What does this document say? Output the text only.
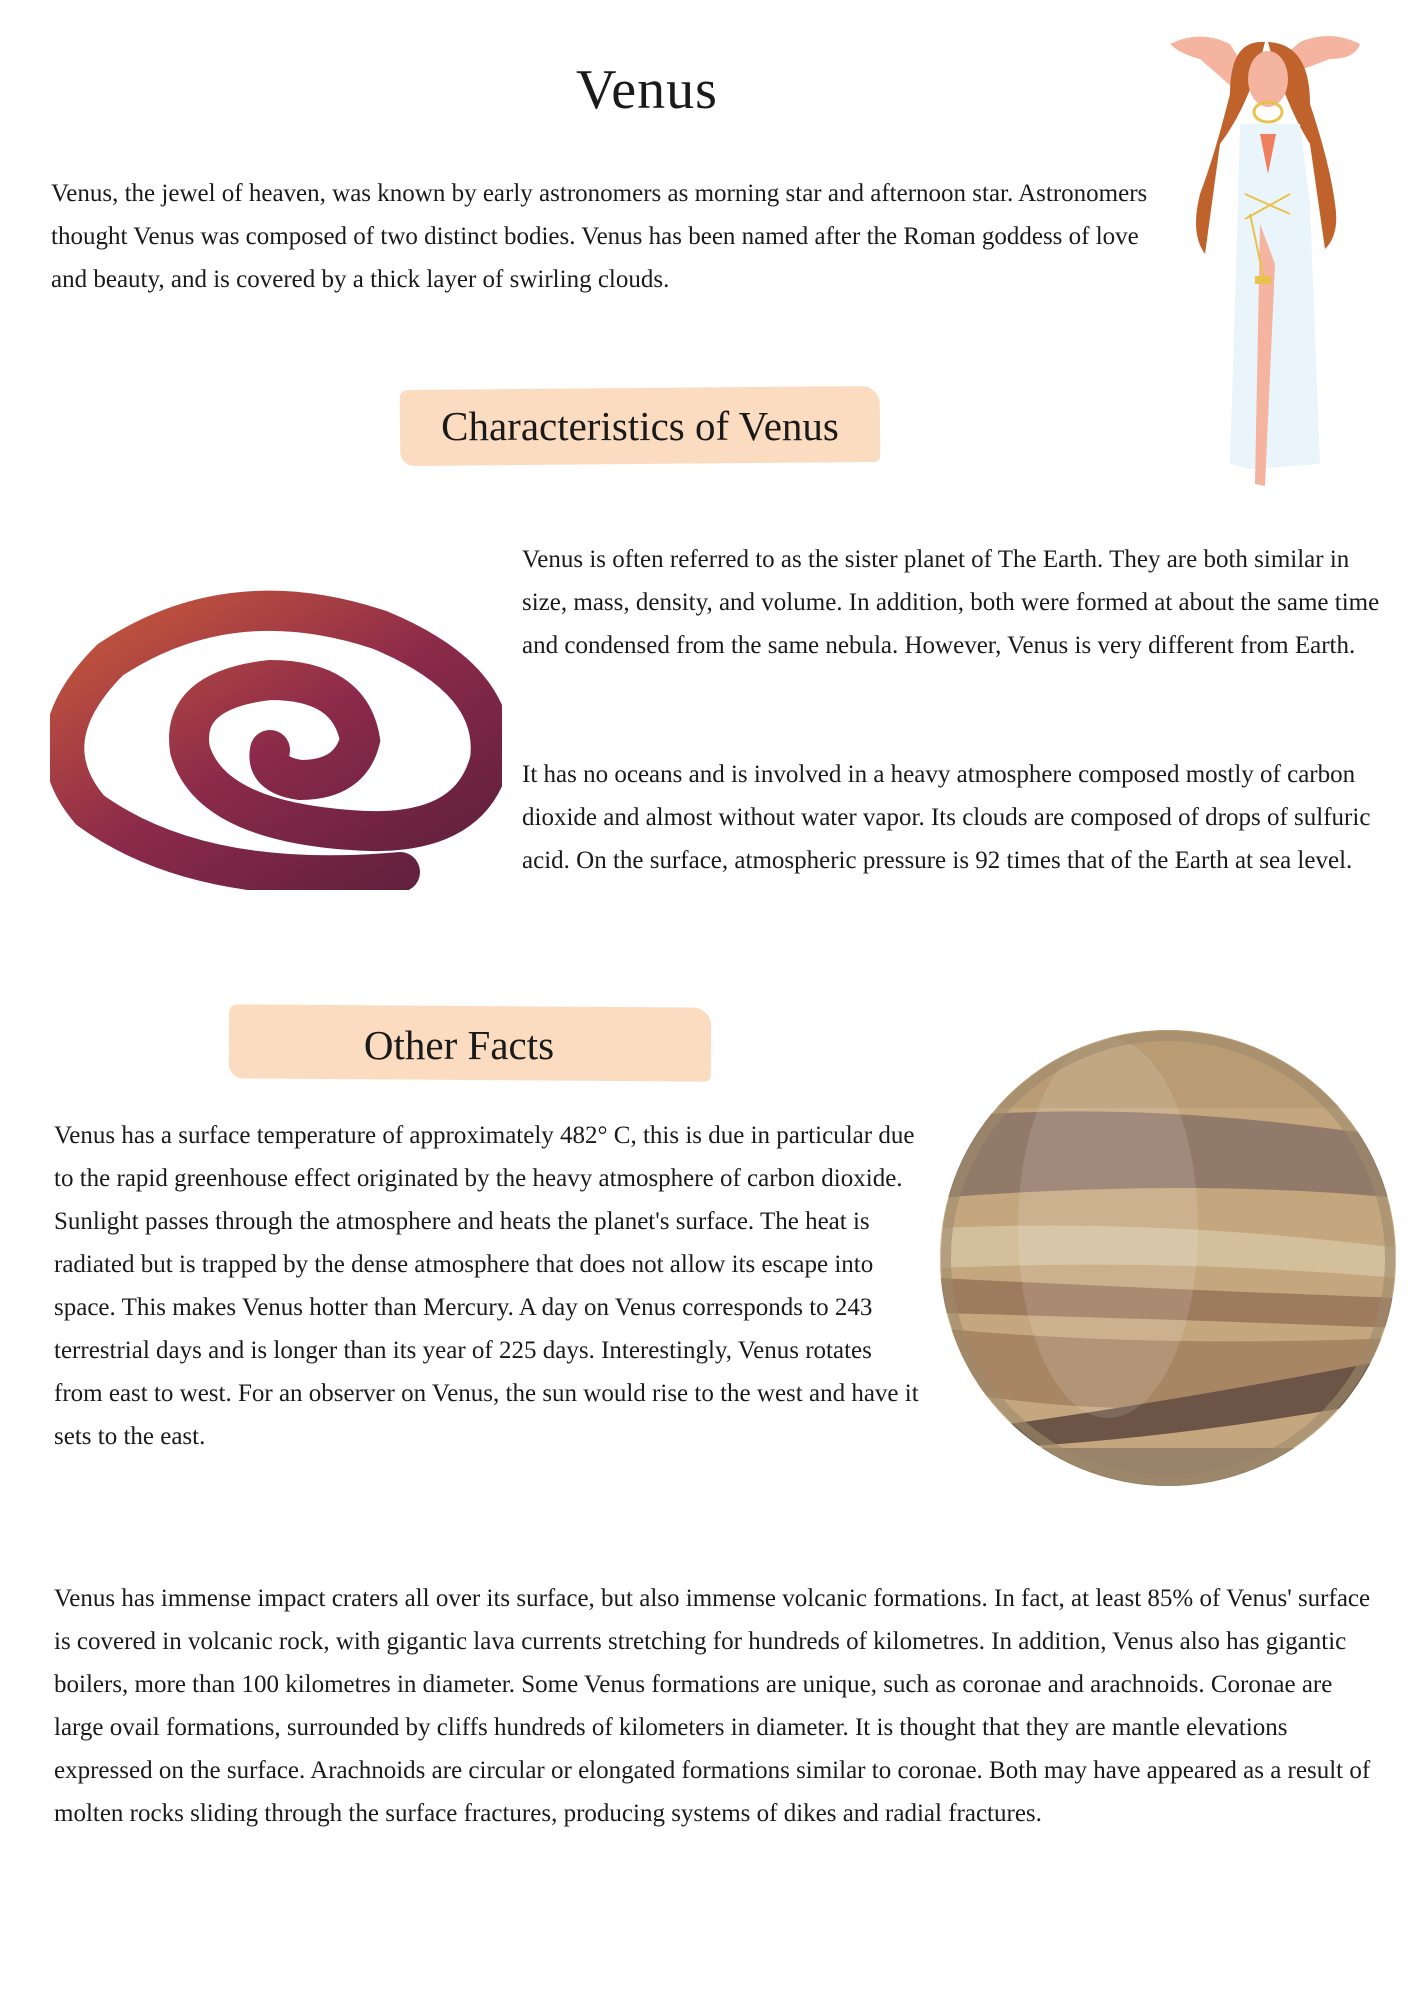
Venus

Venus, the jewel of heaven, was known by early astronomers as morning star and afternoon star. Astronomers thought Venus was composed of two distinct bodies. Venus has been named after the Roman goddess of love and beauty, and is covered by a thick layer of swirling clouds.

Characteristics of Venus

Venus is often referred to as the sister planet of The Earth. They are both similar in size, mass, density, and volume. In addition, both were formed at about the same time and condensed from the same nebula. However, Venus is very different from Earth.

It has no oceans and is involved in a heavy atmosphere composed mostly of carbon dioxide and almost without water vapor. Its clouds are composed of drops of sulfuric acid. On the surface, atmospheric pressure is 92 times that of the Earth at sea level.

Other Facts

Venus has a surface temperature of approximately 482° C, this is due in particular due to the rapid greenhouse effect originated by the heavy atmosphere of carbon dioxide. Sunlight passes through the atmosphere and heats the planet's surface. The heat is radiated but is trapped by the dense atmosphere that does not allow its escape into space. This makes Venus hotter than Mercury. A day on Venus corresponds to 243 terrestrial days and is longer than its year of 225 days. Interestingly, Venus rotates from east to west. For an observer on Venus, the sun would rise to the west and have it sets to the east.

Venus has immense impact craters all over its surface, but also immense volcanic formations. In fact, at least 85% of Venus' surface is covered in volcanic rock, with gigantic lava currents stretching for hundreds of kilometres. In addition, Venus also has gigantic boilers, more than 100 kilometres in diameter. Some Venus formations are unique, such as coronae and arachnoids. Coronae are large ovail formations, surrounded by cliffs hundreds of kilometers in diameter. It is thought that they are mantle elevations expressed on the surface. Arachnoids are circular or elongated formations similar to coronae. Both may have appeared as a result of molten rocks sliding through the surface fractures, producing systems of dikes and radial fractures.
